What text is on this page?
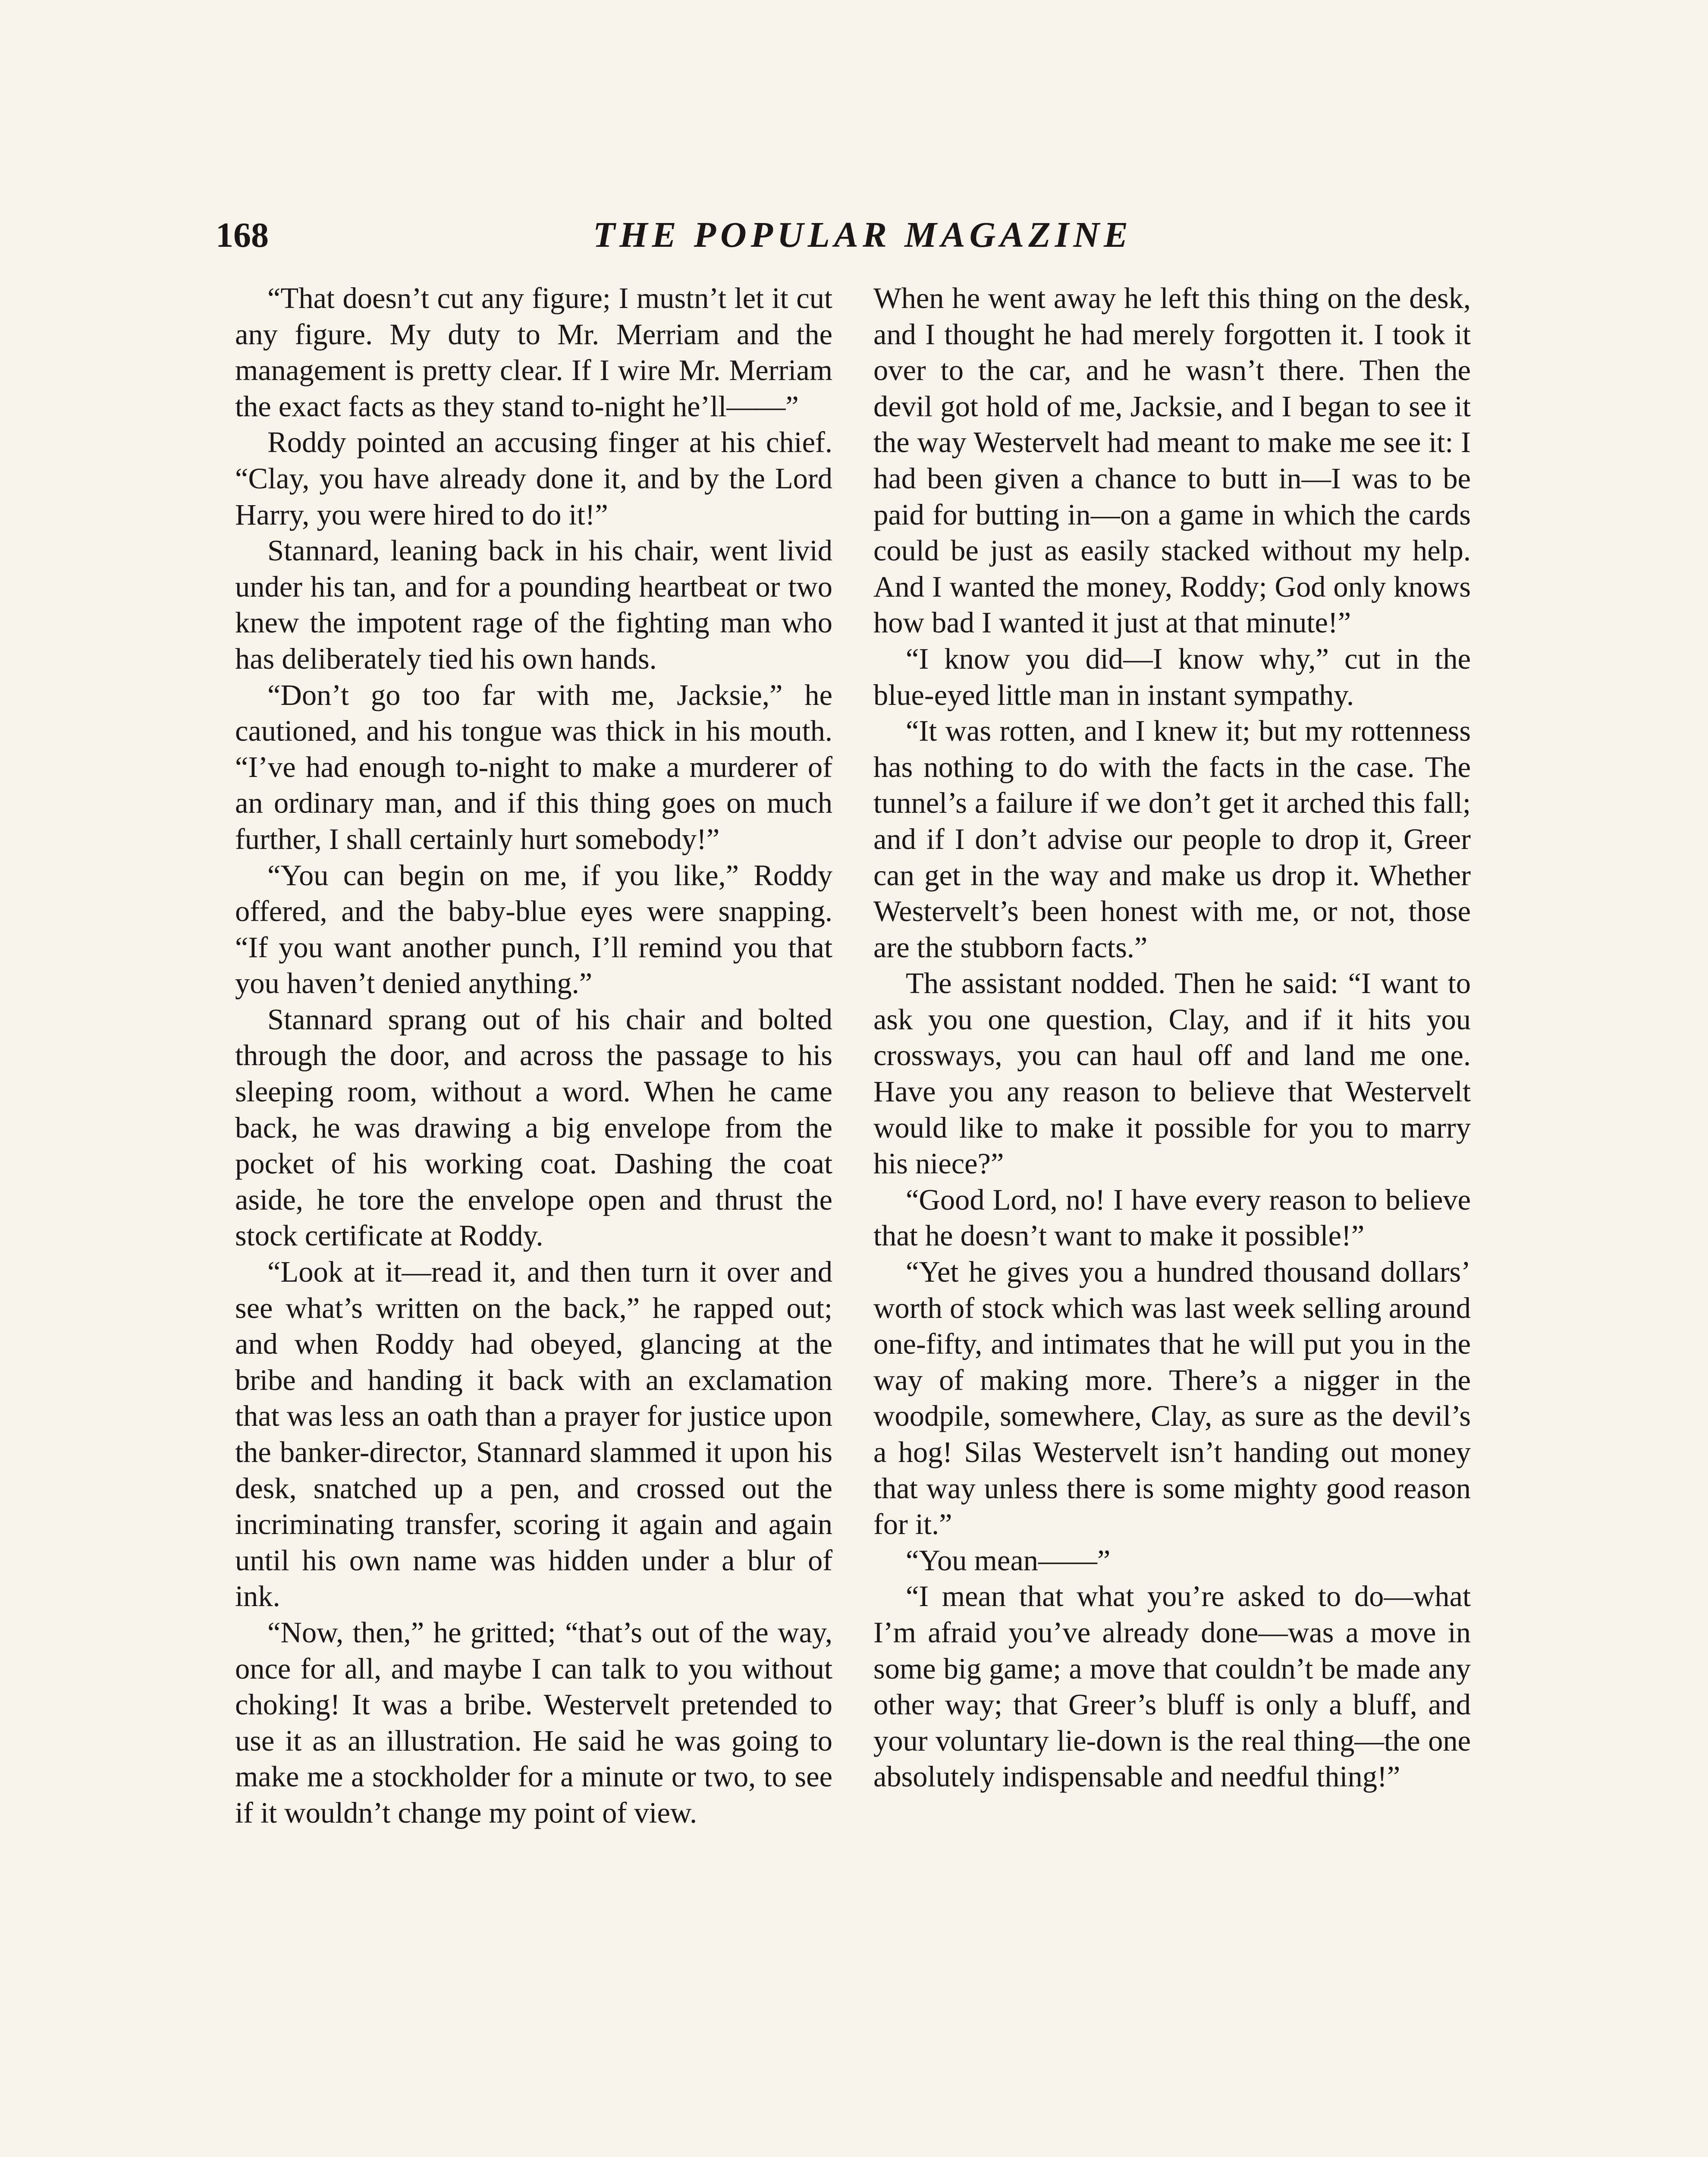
168	THE POPULAR MAGAZINE

“That doesn’t cut any figure; I mustn’t let it cut any figure. My duty to Mr. Merriam and the management is pretty clear. If I wire Mr. Merriam the exact facts as they stand to-night he’ll——”

Roddy pointed an accusing finger at his chief. “Clay, you have already done it, and by the Lord Harry, you were hired to do it!”

Stannard, leaning back in his chair, went livid under his tan, and for a pounding heartbeat or two knew the impotent rage of the fighting man who has deliberately tied his own hands.

“Don’t go too far with me, Jacksie,” he cautioned, and his tongue was thick in his mouth. “I’ve had enough to-night to make a murderer of an ordinary man, and if this thing goes on much further, I shall certainly hurt somebody!”

“You can begin on me, if you like,” Roddy offered, and the baby-blue eyes were snapping. “If you want another punch, I’ll remind you that you haven’t denied anything.”

Stannard sprang out of his chair and bolted through the door, and across the passage to his sleeping room, without a word. When he came back, he was drawing a big envelope from the pocket of his working coat. Dashing the coat aside, he tore the envelope open and thrust the stock certificate at Roddy.

“Look at it—read it, and then turn it over and see what’s written on the back,” he rapped out; and when Roddy had obeyed, glancing at the bribe and handing it back with an exclamation that was less an oath than a prayer for justice upon the banker-director, Stannard slammed it upon his desk, snatched up a pen, and crossed out the incriminating transfer, scoring it again and again until his own name was hidden under a blur of ink.

“Now, then,” he gritted; “that’s out of the way, once for all, and maybe I can talk to you without choking! It was a bribe. Westervelt pretended to use it as an illustration. He said he was going to make me a stockholder for a minute or two, to see if it wouldn’t change my point of view.

When he went away he left this thing on the desk, and I thought he had merely forgotten it. I took it over to the car, and he wasn’t there. Then the devil got hold of me, Jacksie, and I began to see it the way Westervelt had meant to make me see it: I had been given a chance to butt in—I was to be paid for butting in—on a game in which the cards could be just as easily stacked without my help. And I wanted the money, Roddy; God only knows how bad I wanted it just at that minute!”

“I know you did—I know why,” cut in the blue-eyed little man in instant sympathy.

“It was rotten, and I knew it; but my rottenness has nothing to do with the facts in the case. The tunnel’s a failure if we don’t get it arched this fall; and if I don’t advise our people to drop it, Greer can get in the way and make us drop it. Whether Westervelt’s been honest with me, or not, those are the stubborn facts.”

The assistant nodded. Then he said: “I want to ask you one question, Clay, and if it hits you crossways, you can haul off and land me one. Have you any reason to believe that Westervelt would like to make it possible for you to marry his niece?”

“Good Lord, no! I have every reason to believe that he doesn’t want to make it possible!”

“Yet he gives you a hundred thousand dollars’ worth of stock which was last week selling around one-fifty, and intimates that he will put you in the way of making more. There’s a nigger in the woodpile, somewhere, Clay, as sure as the devil’s a hog! Silas Westervelt isn’t handing out money that way unless there is some mighty good reason for it.”

“You mean——”

“I mean that what you’re asked to do—what I’m afraid you’ve already done—was a move in some big game; a move that couldn’t be made any other way; that Greer’s bluff is only a bluff, and your voluntary lie-down is the real thing—the one absolutely indispensable and needful thing!”
